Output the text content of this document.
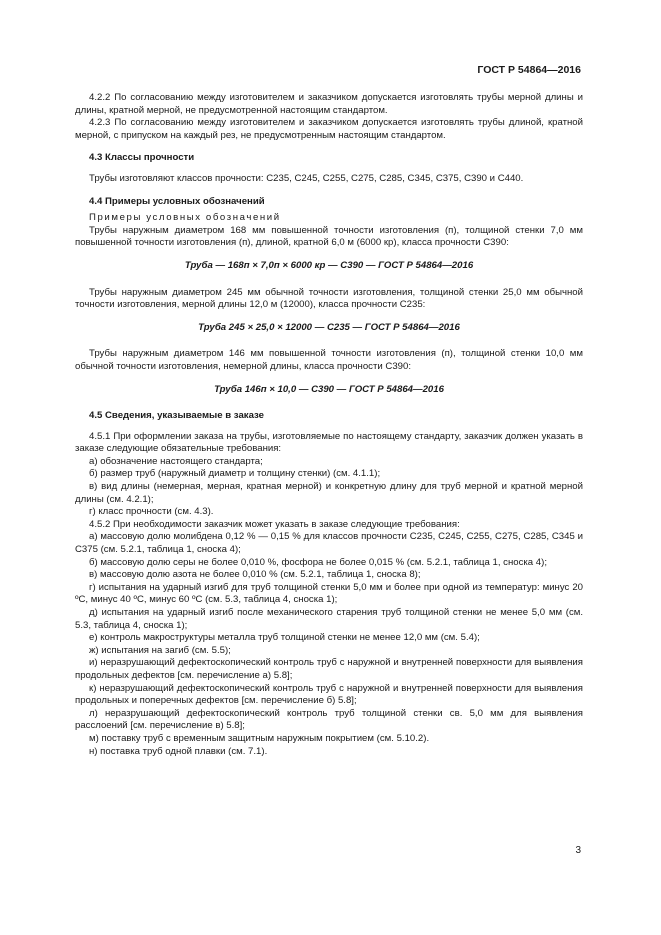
ГОСТ Р 54864—2016

4.2.2 По согласованию между изготовителем и заказчиком допускается изготовлять трубы мерной длины и длины, кратной мерной, не предусмотренной настоящим стандартом.

4.2.3 По согласованию между изготовителем и заказчиком допускается изготовлять трубы длиной, кратной мерной, с припуском на каждый рез, не предусмотренным настоящим стандартом.

4.3 Классы прочности

Трубы изготовляют классов прочности: С235, С245, С255, С275, С285, С345, С375, С390 и С440.

4.4 Примеры условных обозначений

Примеры условных обозначений

Трубы наружным диаметром 168 мм повышенной точности изготовления (п), толщиной стенки 7,0 мм повышенной точности изготовления (п), длиной, кратной 6,0 м (6000 кр), класса прочности С390:

Труба — 168п × 7,0п × 6000 кр — С390 — ГОСТ Р 54864—2016

Трубы наружным диаметром 245 мм обычной точности изготовления, толщиной стенки 25,0 мм обычной точности изготовления, мерной длины 12,0 м (12000), класса прочности С235:

Труба 245 × 25,0 × 12000 — С235 — ГОСТ Р 54864—2016

Трубы наружным диаметром 146 мм повышенной точности изготовления (п), толщиной стенки 10,0 мм обычной точности изготовления, немерной длины, класса прочности С390:

Труба 146п × 10,0 — С390 — ГОСТ Р 54864—2016

4.5 Сведения, указываемые в заказе

4.5.1 При оформлении заказа на трубы, изготовляемые по настоящему стандарту, заказчик должен указать в заказе следующие обязательные требования:

а) обозначение настоящего стандарта;

б) размер труб (наружный диаметр и толщину стенки) (см. 4.1.1);

в) вид длины (немерная, мерная, кратная мерной) и конкретную длину для труб мерной и кратной мерной длины (см. 4.2.1);

г) класс прочности (см. 4.3).

4.5.2 При необходимости заказчик может указать в заказе следующие требования:

а) массовую долю молибдена 0,12 % — 0,15 % для классов прочности С235, С245, С255, С275, С285, С345 и С375 (см. 5.2.1, таблица 1, сноска 4);

б) массовую долю серы не более 0,010 %, фосфора не более 0,015 % (см. 5.2.1, таблица 1, сноска 4);

в) массовую долю азота не более 0,010 % (см. 5.2.1, таблица 1, сноска 8);

г) испытания на ударный изгиб для труб толщиной стенки 5,0 мм и более при одной из температур: минус 20 ºС, минус 40 ºС, минус 60 ºС (см. 5.3, таблица 4, сноска 1);

д) испытания на ударный изгиб после механического старения труб толщиной стенки не менее 5,0 мм (см. 5.3, таблица 4, сноска 1);

е) контроль макроструктуры металла труб толщиной стенки не менее 12,0 мм (см. 5.4);

ж) испытания на загиб (см. 5.5);

и) неразрушающий дефектоскопический контроль труб с наружной и внутренней поверхности для выявления продольных дефектов [см. перечисление а) 5.8];

к) неразрушающий дефектоскопический контроль труб с наружной и внутренней поверхности для выявления продольных и поперечных дефектов [см. перечисление б) 5.8];

л) неразрушающий дефектоскопический контроль труб толщиной стенки св. 5,0 мм для выявления расслоений [см. перечисление в) 5.8];

м) поставку труб с временным защитным наружным покрытием (см. 5.10.2).

н) поставка труб одной плавки (см. 7.1).

3
